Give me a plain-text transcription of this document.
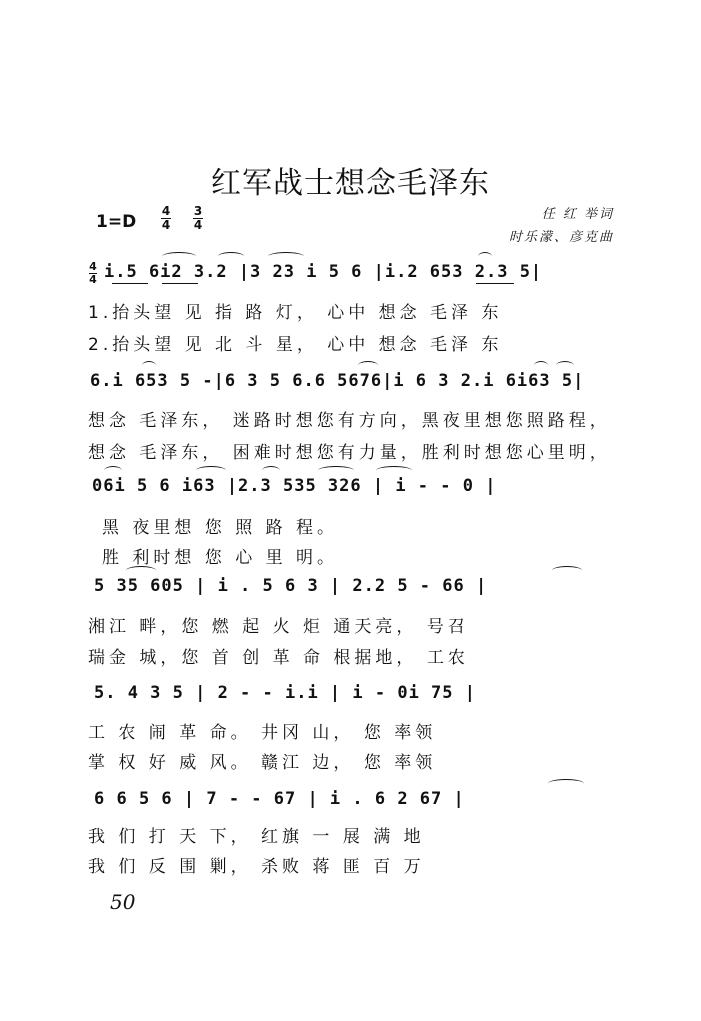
红军战士想念毛泽东
1=D
4
4
3
4
任 红 举词
时乐濛、彦克曲
4
4 i.5 6i2 3.2 |3 23 i 5 6 |i.2 653 2.3 5|
1.抬头望 见 指 路 灯， 心中 想念 毛泽 东
2.抬头望 见 北 斗 星， 心中 想念 毛泽 东
6.i 653 5 -|6 3 5 6.6 5676|i 6 3 2.i 6i63 5|
想念 毛泽东， 迷路时想您有方向，黑夜里想您照路程，
想念 毛泽东， 困难时想您有力量，胜利时想您心里明，
06i 5 6 i63 |2.3 535 326 | i - - 0 |
黑 夜里想 您 照 路 程。
胜 利时想 您 心 里 明。
5 35 605 | i . 5 6 3 | 2.2 5 - 66 |
湘江 畔，您 燃 起 火 炬 通天亮， 号召
瑞金 城，您 首 创 革 命 根据地， 工农
5. 4 3 5 | 2 - - i.i | i - 0i 75 |
工 农 闹 革 命。 井冈 山， 您 率领
掌 权 好 威 风。 赣江 边， 您 率领
6 6 5 6 | 7 - - 67 | i . 6 2 67 |
我 们 打 天 下， 红旗 一 展 满 地
我 们 反 围 剿， 杀败 蒋 匪 百 万
50
